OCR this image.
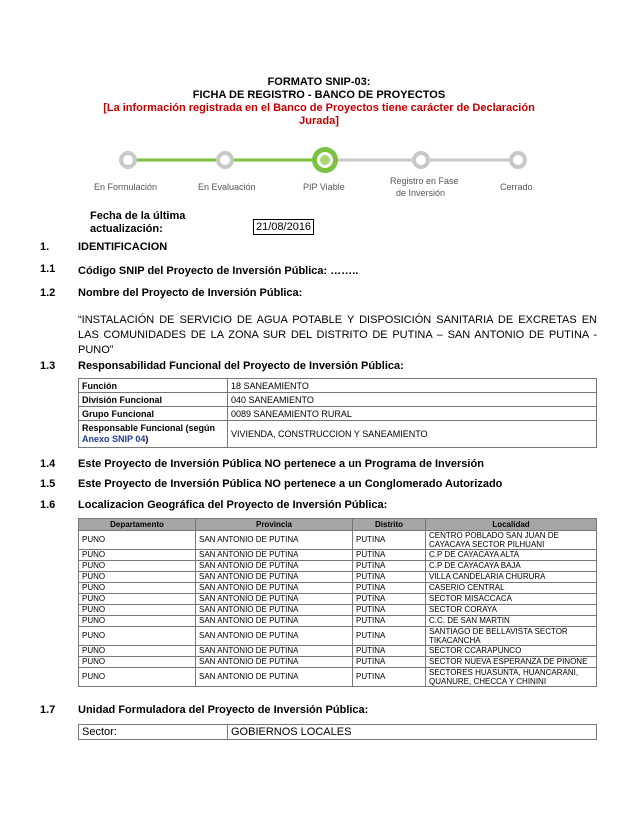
FORMATO SNIP-03:
FICHA DE REGISTRO - BANCO DE PROYECTOS
[La información registrada en el Banco de Proyectos tiene carácter de Declaración
Jurada]
En Formulación	En Evaluación	PIP Viable
Registro en Fase
de Inversión
Cerrado
Fecha de la última
actualización:	21/08/2016
1.	IDENTIFICACION
1.1 Código SNIP del Proyecto de Inversión Pública: ……..
1.2 Nombre del Proyecto de Inversión Pública:
“INSTALACIÓN DE SERVICIO DE AGUA POTABLE Y DISPOSICIÓN SANITARIA DE EXCRETAS EN LAS COMUNIDADES DE LA ZONA SUR DEL DISTRITO DE PUTINA – SAN ANTONIO DE PUTINA - PUNO”
1.3 Responsabilidad Funcional del Proyecto de Inversión Pública:
Función	18 SANEAMIENTO
División Funcional	040 SANEAMIENTO
Grupo Funcional	0089 SANEAMIENTO RURAL
Responsable Funcional (según
Anexo SNIP 04)	VIVIENDA, CONSTRUCCION Y SANEAMIENTO
1.4 Este Proyecto de Inversión Pública NO pertenece a un Programa de Inversión
1.5 Este Proyecto de Inversión Pública NO pertenece a un Conglomerado Autorizado
1.6 Localizacion Geográfica del Proyecto de Inversión Pública:
Departamento	Provincia	Distrito	Localidad
PUNO	SAN ANTONIO DE PUTINA	PUTINA	CENTRO POBLADO SAN JUAN DE CAYACAYA SECTOR PILHUANI
PUNO	SAN ANTONIO DE PUTINA	PUTINA	C.P DE CAYACAYA ALTA
PUNO	SAN ANTONIO DE PUTINA	PUTINA	C.P DE CAYACAYA BAJA
PUNO	SAN ANTONIO DE PUTINA	PUTINA	VILLA CANDELARIA CHURURA
PUNO	SAN ANTONIO DE PUTINA	PUTINA	CASERIO CENTRAL
PUNO	SAN ANTONIO DE PUTINA	PUTINA	SECTOR MISACCACA
PUNO	SAN ANTONIO DE PUTINA	PUTINA	SECTOR CORAYA
PUNO	SAN ANTONIO DE PUTINA	PUTINA	C.C. DE SAN MARTIN
PUNO	SAN ANTONIO DE PUTINA	PUTINA	SANTIAGO DE BELLAVISTA SECTOR TIKACANCHA
PUNO	SAN ANTONIO DE PUTINA	PUTINA	SECTOR CCARAPUNCO
PUNO	SAN ANTONIO DE PUTINA	PUTINA	SECTOR NUEVA ESPERANZA DE PINONE
PUNO	SAN ANTONIO DE PUTINA	PUTINA	SECTORES HUASUNTA, HUANCARANI, QUANURE, CHECCA Y CHININI
1.7 Unidad Formuladora del Proyecto de Inversión Pública:
Sector:	GOBIERNOS LOCALES
